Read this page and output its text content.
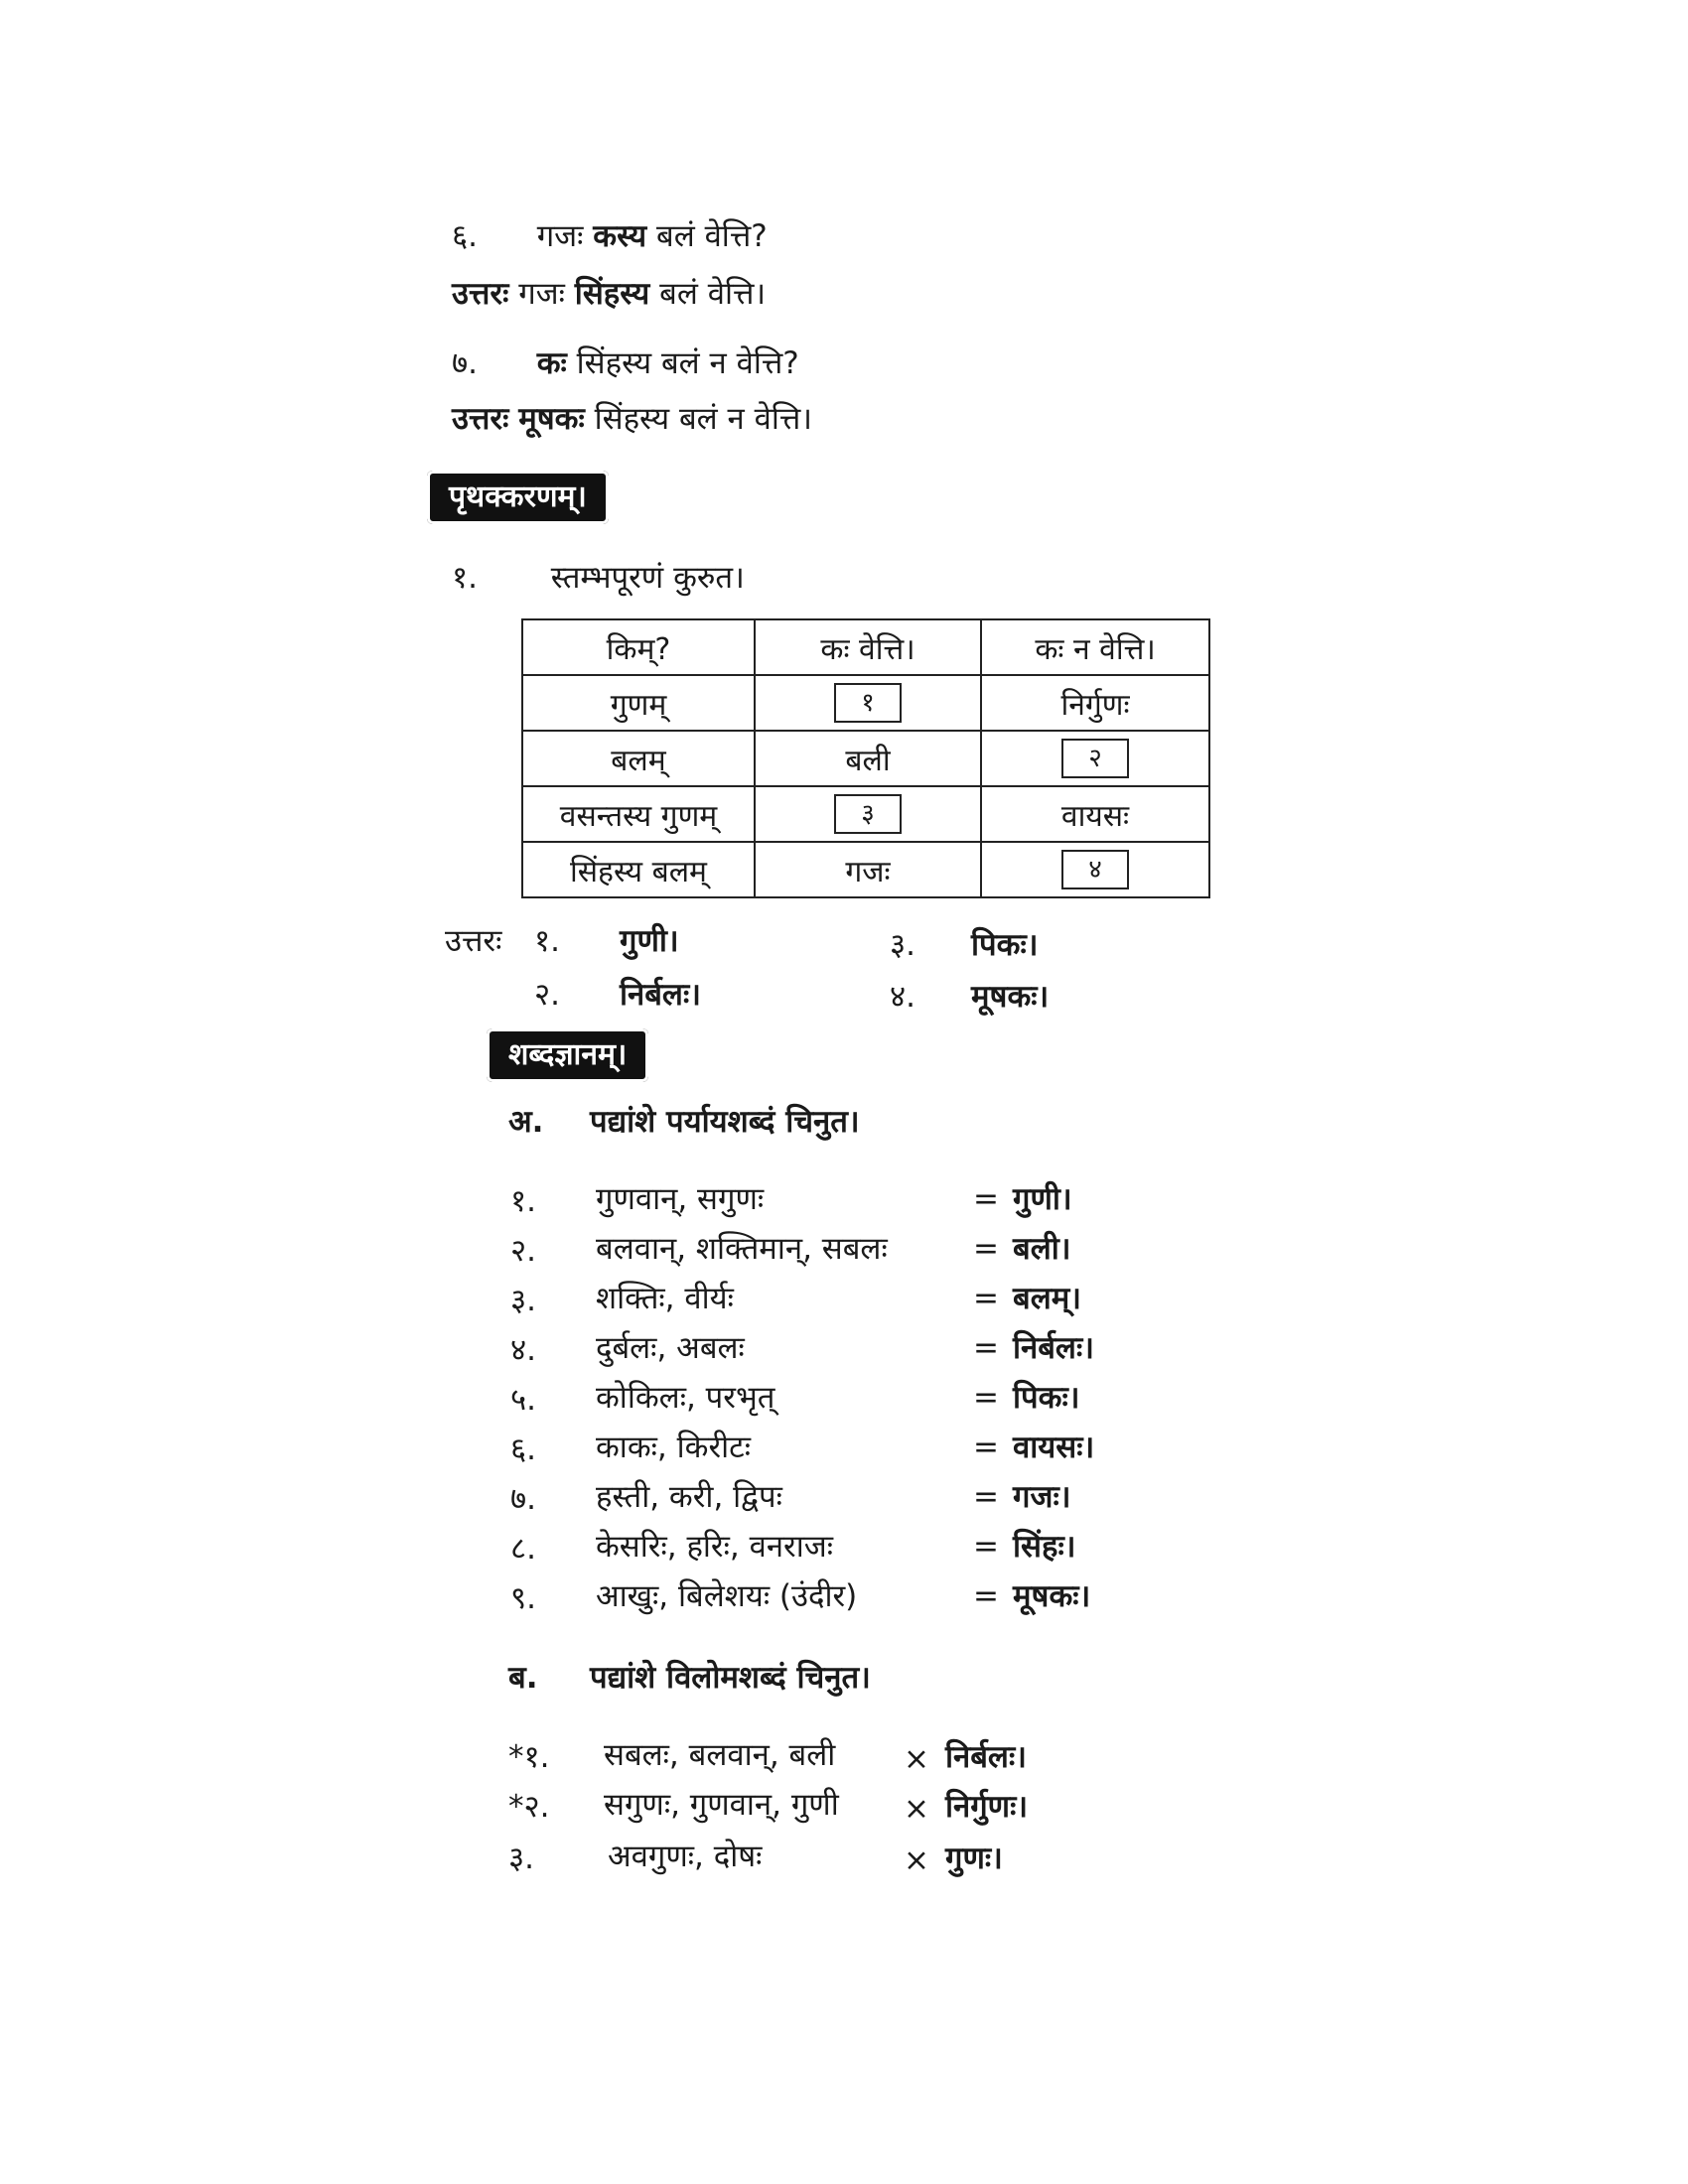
६. गजः कस्य बलं वेत्ति?
उत्तरः गजः सिंहस्य बलं वेत्ति।
७. कः सिंहस्य बलं न वेत्ति?
उत्तरः मूषकः सिंहस्य बलं न वेत्ति।
पृथक्करणम्।
१. स्तम्भपूरणं कुरुत।
किम्?	कः वेत्ति।	कः न वेत्ति।
गुणम्	१	निर्गुणः
बलम्	बली	२
वसन्तस्य गुणम्	३	वायसः
सिंहस्य बलम्	गजः	४
उत्तरः १. गुणी।	३. पिकः।
२. निर्बलः।	४. मूषकः।
शब्दज्ञानम्।
अ. पद्यांशे पर्यायशब्दं चिनुत।
१. गुणवान्, सगुणः	= गुणी।
२. बलवान्, शक्तिमान्, सबलः	= बली।
३. शक्तिः, वीर्यः	= बलम्।
४. दुर्बलः, अबलः	= निर्बलः।
५. कोकिलः, परभृत्	= पिकः।
६. काकः, किरीटः	= वायसः।
७. हस्ती, करी, द्विपः	= गजः।
८. केसरिः, हरिः, वनराजः	= सिंहः।
९. आखुः, बिलेशयः (उंदीर)	= मूषकः।
ब. पद्यांशे विलोमशब्दं चिनुत।
*१. सबलः, बलवान्, बली × निर्बलः।
*२. सगुणः, गुणवान्, गुणी × निर्गुणः।
३. अवगुणः, दोषः	× गुणः।
